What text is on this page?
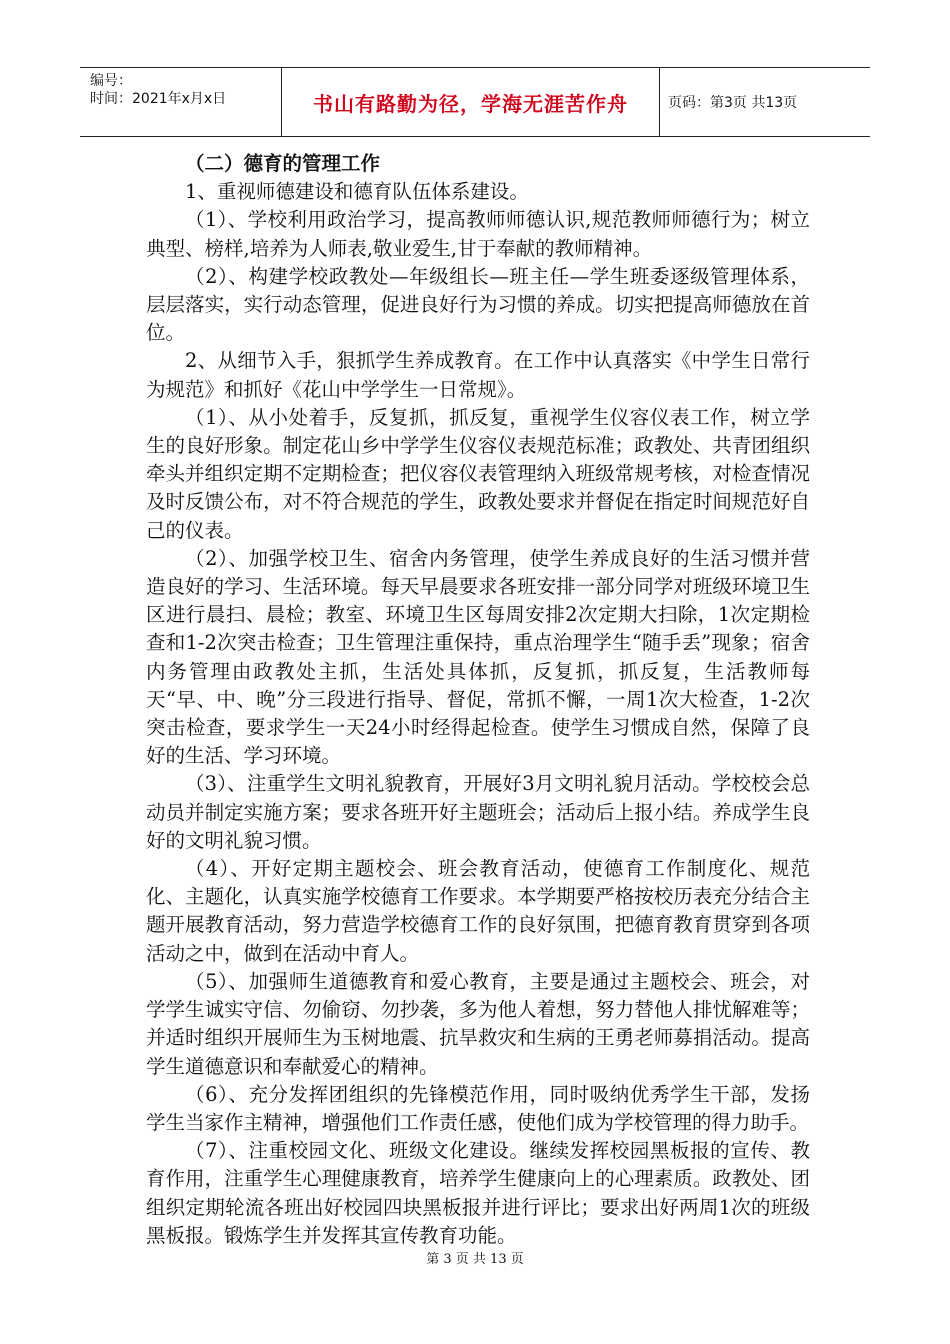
编号：
时间：2021年x月x日	书山有路勤为径，学海无涯苦作舟	页码：第3页 共13页

（二）德育的管理工作

1、重视师德建设和德育队伍体系建设。

（1）、学校利用政治学习，提高教师师德认识,规范教师师德行为；树立典型、榜样,培养为人师表,敬业爱生,甘于奉献的教师精神。

（2）、构建学校政教处—年级组长—班主任—学生班委逐级管理体系，层层落实，实行动态管理，促进良好行为习惯的养成。切实把提高师德放在首位。

2、从细节入手，狠抓学生养成教育。在工作中认真落实《中学生日常行为规范》和抓好《花山中学学生一日常规》。

（1）、从小处着手，反复抓，抓反复，重视学生仪容仪表工作，树立学生的良好形象。制定花山乡中学学生仪容仪表规范标准；政教处、共青团组织牵头并组织定期不定期检查；把仪容仪表管理纳入班级常规考核，对检查情况及时反馈公布，对不符合规范的学生，政教处要求并督促在指定时间规范好自己的仪表。

（2）、加强学校卫生、宿舍内务管理，使学生养成良好的生活习惯并营造良好的学习、生活环境。每天早晨要求各班安排一部分同学对班级环境卫生区进行晨扫、晨检；教室、环境卫生区每周安排2次定期大扫除，1次定期检查和1-2次突击检查；卫生管理注重保持，重点治理学生“随手丢”现象；宿舍内务管理由政教处主抓，生活处具体抓，反复抓，抓反复，生活教师每天“早、中、晚”分三段进行指导、督促，常抓不懈，一周1次大检查，1-2次突击检查，要求学生一天24小时经得起检查。使学生习惯成自然，保障了良好的生活、学习环境。

（3）、注重学生文明礼貌教育，开展好3月文明礼貌月活动。学校校会总动员并制定实施方案；要求各班开好主题班会；活动后上报小结。养成学生良好的文明礼貌习惯。

（4）、开好定期主题校会、班会教育活动，使德育工作制度化、规范化、主题化，认真实施学校德育工作要求。本学期要严格按校历表充分结合主题开展教育活动，努力营造学校德育工作的良好氛围，把德育教育贯穿到各项活动之中，做到在活动中育人。

（5）、加强师生道德教育和爱心教育，主要是通过主题校会、班会，对学学生诚实守信、勿偷窃、勿抄袭，多为他人着想，努力替他人排忧解难等；并适时组织开展师生为玉树地震、抗旱救灾和生病的王勇老师募捐活动。提高学生道德意识和奉献爱心的精神。

（6）、充分发挥团组织的先锋模范作用，同时吸纳优秀学生干部，发扬学生当家作主精神，增强他们工作责任感，使他们成为学校管理的得力助手。

（7）、注重校园文化、班级文化建设。继续发挥校园黑板报的宣传、教育作用，注重学生心理健康教育，培养学生健康向上的心理素质。政教处、团组织定期轮流各班出好校园四块黑板报并进行评比；要求出好两周1次的班级黑板报。锻炼学生并发挥其宣传教育功能。

第 3 页 共 13 页
